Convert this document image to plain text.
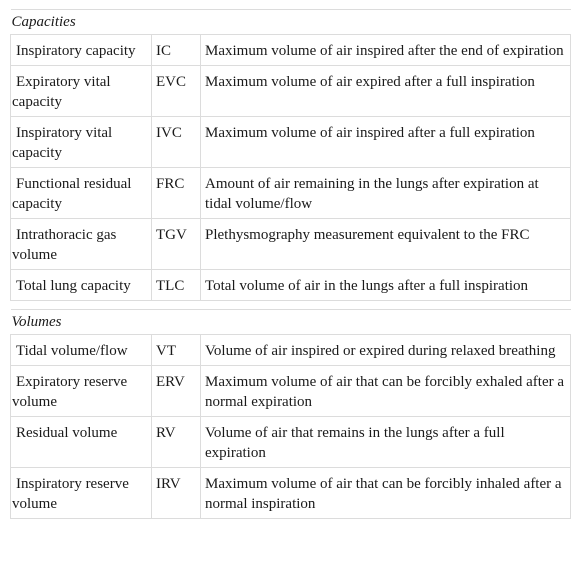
Capacities		

Inspiratory capacity	IC	Maximum volume of air inspired after the end of expiration

Expiratory vital capacity	EVC	Maximum volume of air expired after a full inspiration

Inspiratory vital capacity	IVC	Maximum volume of air inspired after a full expiration

Functional residual capacity	FRC	Amount of air remaining in the lungs after expiration at tidal volume/flow

Intrathoracic gas volume	TGV	Plethysmography measurement equivalent to the FRC

Total lung capacity	TLC	Total volume of air in the lungs after a full inspiration

Volumes		

Tidal volume/flow	VT	Volume of air inspired or expired during relaxed breathing

Expiratory reserve volume	ERV	Maximum volume of air that can be forcibly exhaled after a normal expiration

Residual volume	RV	Volume of air that remains in the lungs after a full expiration

Inspiratory reserve volume	IRV	Maximum volume of air that can be forcibly inhaled after a normal inspiration
